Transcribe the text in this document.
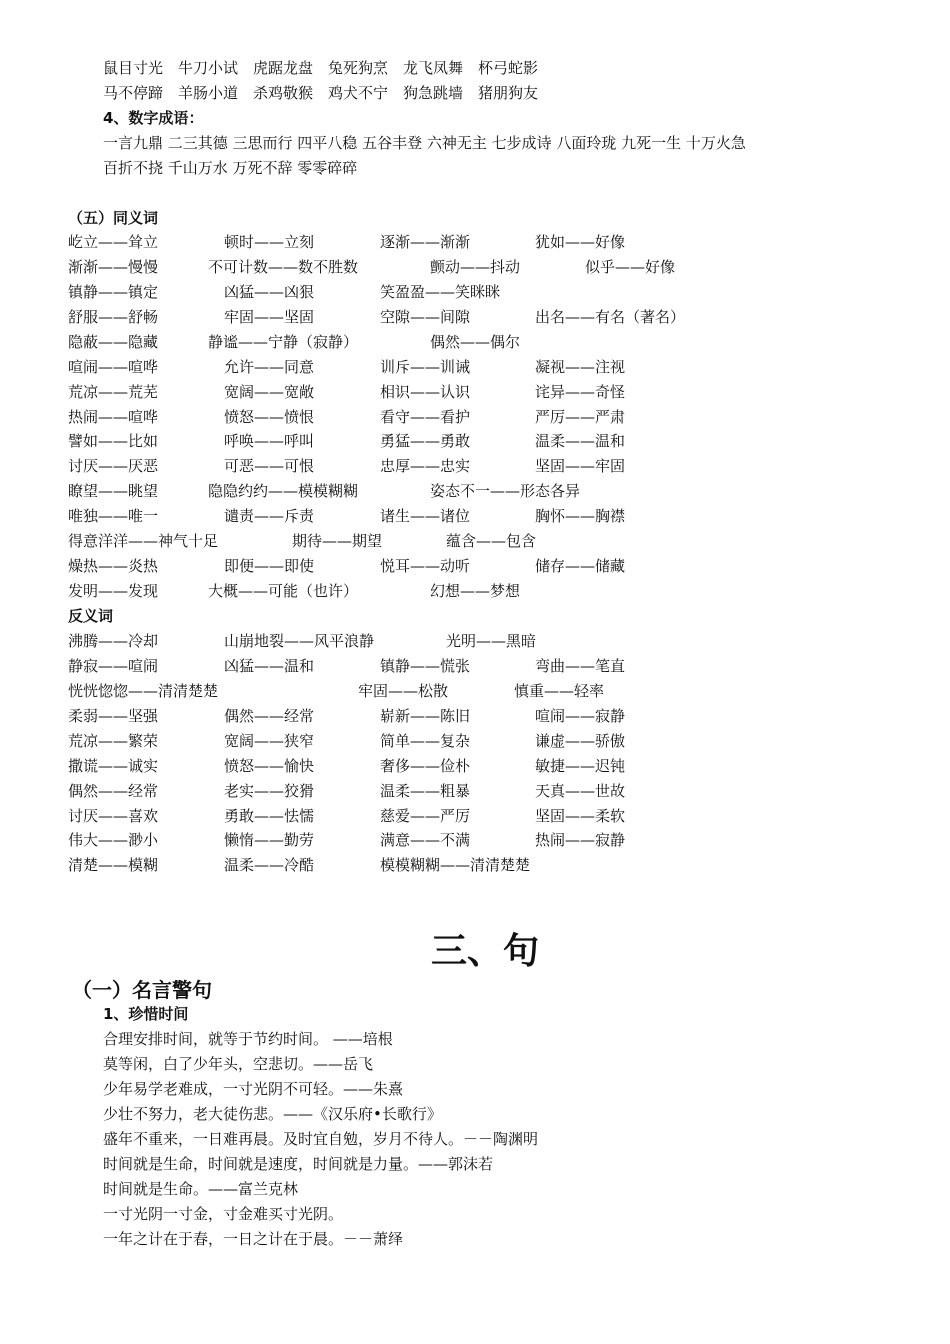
鼠目寸光　牛刀小试　虎踞龙盘　兔死狗烹　龙飞凤舞　杯弓蛇影
马不停蹄　羊肠小道　杀鸡敬猴　鸡犬不宁　狗急跳墙　猪朋狗友
4、数字成语：
一言九鼎 二三其德 三思而行 四平八稳 五谷丰登 六神无主 七步成诗 八面玲珑 九死一生 十万火急
百折不挠 千山万水 万死不辞 零零碎碎
（五）同义词
屹立——耸立	顿时——立刻	逐渐——渐渐	犹如——好像
渐渐——慢慢	不可计数——数不胜数	颤动——抖动	似乎——好像
镇静——镇定	凶猛——凶狠	笑盈盈——笑眯眯
舒服——舒畅	牢固——坚固	空隙——间隙	出名——有名（著名）
隐蔽——隐藏	静谧——宁静（寂静）	偶然——偶尔
喧闹——喧哗	允许——同意	训斥——训诫	凝视——注视
荒凉——荒芜	宽阔——宽敞	相识——认识	诧异——奇怪
热闹——喧哗	愤怒——愤恨	看守——看护	严厉——严肃
譬如——比如	呼唤——呼叫	勇猛——勇敢	温柔——温和
讨厌——厌恶	可恶——可恨	忠厚——忠实	坚固——牢固
瞭望——眺望	隐隐约约——模模糊糊	姿态不一——形态各异
唯独——唯一	谴责——斥责	诸生——诸位	胸怀——胸襟
得意洋洋——神气十足	期待——期望	蕴含——包含
燥热——炎热	即便——即使	悦耳——动听	储存——储藏
发明——发现	大概——可能（也许）	幻想——梦想
反义词
沸腾——冷却	山崩地裂——风平浪静	光明——黑暗
静寂——喧闹	凶猛——温和	镇静——慌张	弯曲——笔直
恍恍惚惚——清清楚楚	牢固——松散	慎重——轻率
柔弱——坚强	偶然——经常	崭新——陈旧	喧闹——寂静
荒凉——繁荣	宽阔——狭窄	简单——复杂	谦虚——骄傲
撒谎——诚实	愤怒——愉快	奢侈——俭朴	敏捷——迟钝
偶然——经常	老实——狡猾	温柔——粗暴	天真——世故
讨厌——喜欢	勇敢——怯懦	慈爱——严厉	坚固——柔软
伟大——渺小	懒惰——勤劳	满意——不满	热闹——寂静
清楚——模糊	温柔——冷酷	模模糊糊——清清楚楚
三、句
（一）名言警句
1、珍惜时间
合理安排时间，就等于节约时间。 ——培根
莫等闲，白了少年头，空悲切。——岳飞
少年易学老难成，一寸光阴不可轻。——朱熹
少壮不努力，老大徒伤悲。——《汉乐府•长歌行》
盛年不重来，一日难再晨。及时宜自勉，岁月不待人。－－陶渊明
时间就是生命，时间就是速度，时间就是力量。——郭沫若
时间就是生命。——富兰克林
一寸光阴一寸金，寸金难买寸光阴。
一年之计在于春，一日之计在于晨。－－萧绎
